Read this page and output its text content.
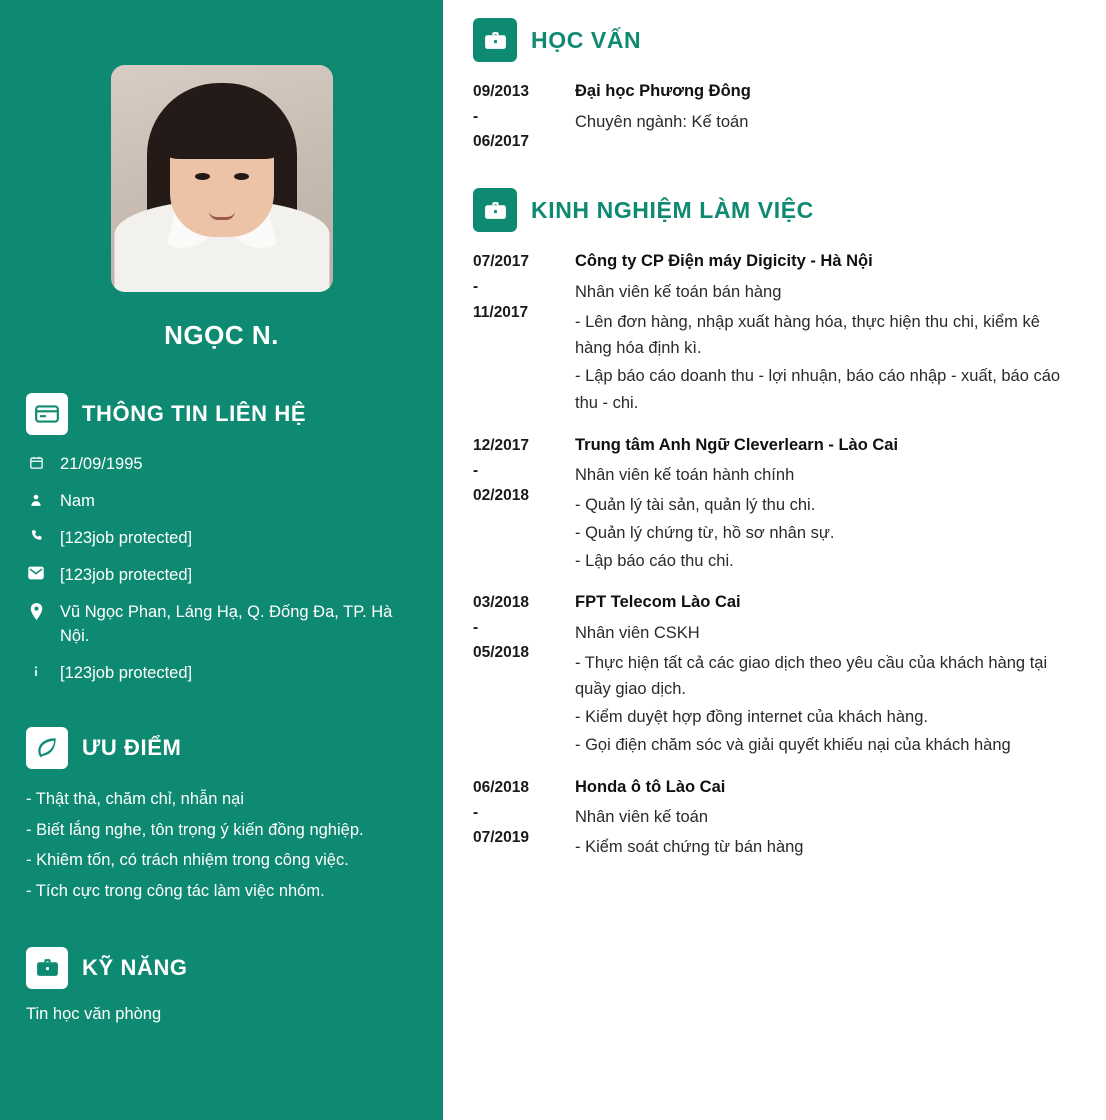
NGỌC N.
THÔNG TIN LIÊN HỆ
21/09/1995
Nam
[123job protected]
[123job protected]
Vũ Ngọc Phan, Láng Hạ, Q. Đống Đa, TP. Hà Nội.
[123job protected]
ƯU ĐIỂM
- Thật thà, chăm chỉ, nhẫn nại
- Biết lắng nghe, tôn trọng ý kiến đồng nghiệp.
- Khiêm tốn, có trách nhiệm trong công việc.
- Tích cực trong công tác làm việc nhóm.
KỸ NĂNG
Tin học văn phòng
HỌC VẤN
09/2013
-
06/2017
Đại học Phương Đông
Chuyên ngành: Kế toán
KINH NGHIỆM LÀM VIỆC
07/2017
-
11/2017
Công ty CP Điện máy Digicity - Hà Nội
Nhân viên kế toán bán hàng
- Lên đơn hàng, nhập xuất hàng hóa, thực hiện thu chi, kiểm kê hàng hóa định kì.
- Lập báo cáo doanh thu - lợi nhuận, báo cáo nhập - xuất, báo cáo thu - chi.
12/2017
-
02/2018
Trung tâm Anh Ngữ Cleverlearn - Lào Cai
Nhân viên kế toán hành chính
- Quản lý tài sản, quản lý thu chi.
- Quản lý chứng từ, hồ sơ nhân sự.
- Lập báo cáo thu chi.
03/2018
-
05/2018
FPT Telecom Lào Cai
Nhân viên CSKH
- Thực hiện tất cả các giao dịch theo yêu cầu của khách hàng tại quầy giao dịch.
- Kiểm duyệt hợp đồng internet của khách hàng.
- Gọi điện chăm sóc và giải quyết khiếu nại của khách hàng
06/2018
-
07/2019
Honda ô tô Lào Cai
Nhân viên kế toán
- Kiểm soát chứng từ bán hàng
